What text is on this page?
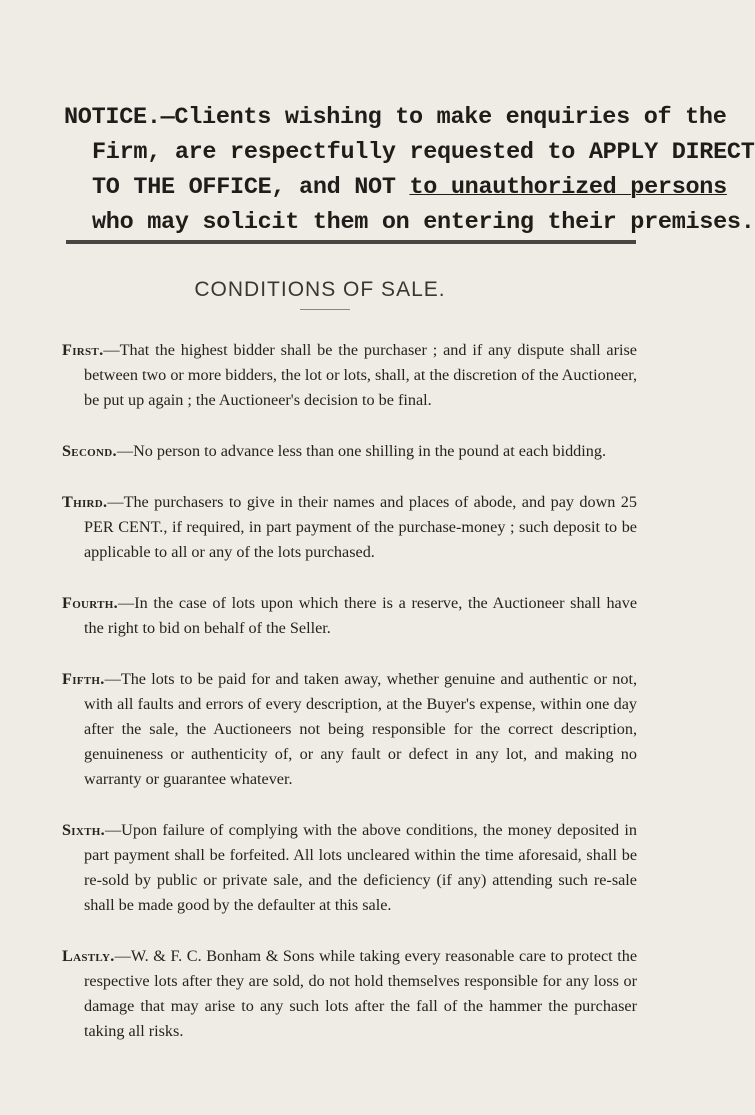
NOTICE.—Clients wishing to make enquiries of the
Firm, are respectfully requested to APPLY DIRECT
TO THE OFFICE, and NOT to unauthorized persons
who may solicit them on entering their premises.
CONDITIONS OF SALE.

First.—That the highest bidder shall be the purchaser ; and if any dispute shall arise between two or more bidders, the lot or lots, shall, at the discretion of the Auctioneer, be put up again ; the Auctioneer's decision to be final.

Second.—No person to advance less than one shilling in the pound at each bidding.

Third.—The purchasers to give in their names and places of abode, and pay down 25 PER CENT., if required, in part payment of the purchase-money ; such deposit to be applicable to all or any of the lots purchased.

Fourth.—In the case of lots upon which there is a reserve, the Auctioneer shall have the right to bid on behalf of the Seller.

Fifth.—The lots to be paid for and taken away, whether genuine and authentic or not, with all faults and errors of every description, at the Buyer's expense, within one day after the sale, the Auctioneers not being responsible for the correct description, genuineness or authenticity of, or any fault or defect in any lot, and making no warranty or guarantee whatever.

Sixth.—Upon failure of complying with the above conditions, the money deposited in part payment shall be forfeited. All lots uncleared within the time aforesaid, shall be re-sold by public or private sale, and the deficiency (if any) attending such re-sale shall be made good by the defaulter at this sale.

Lastly.—W. & F. C. Bonham & Sons while taking every reasonable care to protect the respective lots after they are sold, do not hold themselves responsible for any loss or damage that may arise to any such lots after the fall of the hammer the purchaser taking all risks.
